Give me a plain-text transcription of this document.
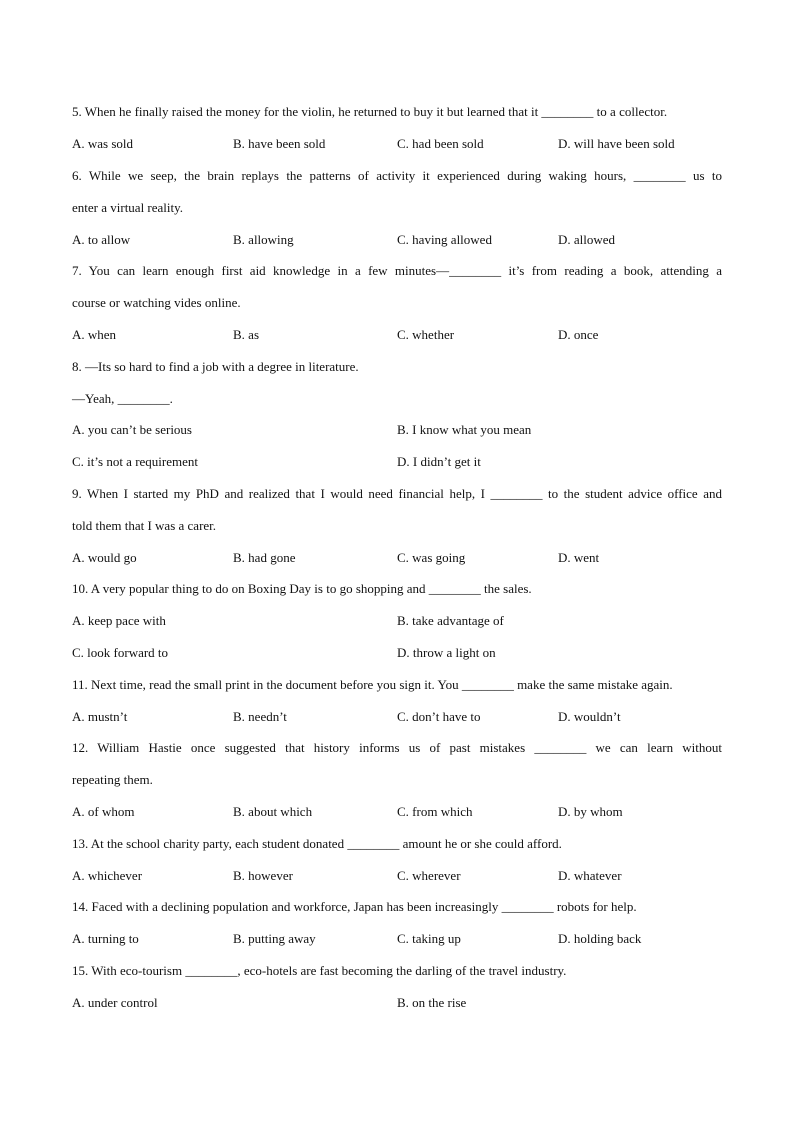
5. When he finally raised the money for the violin, he returned to buy it but learned that it ________ to a collector.
A. was sold	B. have been sold	C. had been sold	D. will have been sold
6. While we seep, the brain replays the patterns of activity it experienced during waking hours, ________ us to
enter a virtual reality.
A. to allow	B. allowing	C. having allowed	D. allowed
7. You can learn enough first aid knowledge in a few minutes—________ it’s from reading a book, attending a
course or watching vides online.
A. when	B. as	C. whether	D. once
8. —Its so hard to find a job with a degree in literature.
—Yeah, ________.
A. you can’t be serious	B. I know what you mean
C. it’s not a requirement	D. I didn’t get it
9. When I started my PhD and realized that I would need financial help, I ________ to the student advice office and
told them that I was a carer.
A. would go	B. had gone	C. was going	D. went
10. A very popular thing to do on Boxing Day is to go shopping and ________ the sales.
A. keep pace with	B. take advantage of
C. look forward to	D. throw a light on
11. Next time, read the small print in the document before you sign it. You ________ make the same mistake again.
A. mustn’t	B. needn’t	C. don’t have to	D. wouldn’t
12. William Hastie once suggested that history informs us of past mistakes ________ we can learn without
repeating them.
A. of whom	B. about which	C. from which	D. by whom
13. At the school charity party, each student donated ________ amount he or she could afford.
A. whichever	B. however	C. wherever	D. whatever
14. Faced with a declining population and workforce, Japan has been increasingly ________ robots for help.
A. turning to	B. putting away	C. taking up	D. holding back
15. With eco-tourism ________, eco-hotels are fast becoming the darling of the travel industry.
A. under control	B. on the rise
